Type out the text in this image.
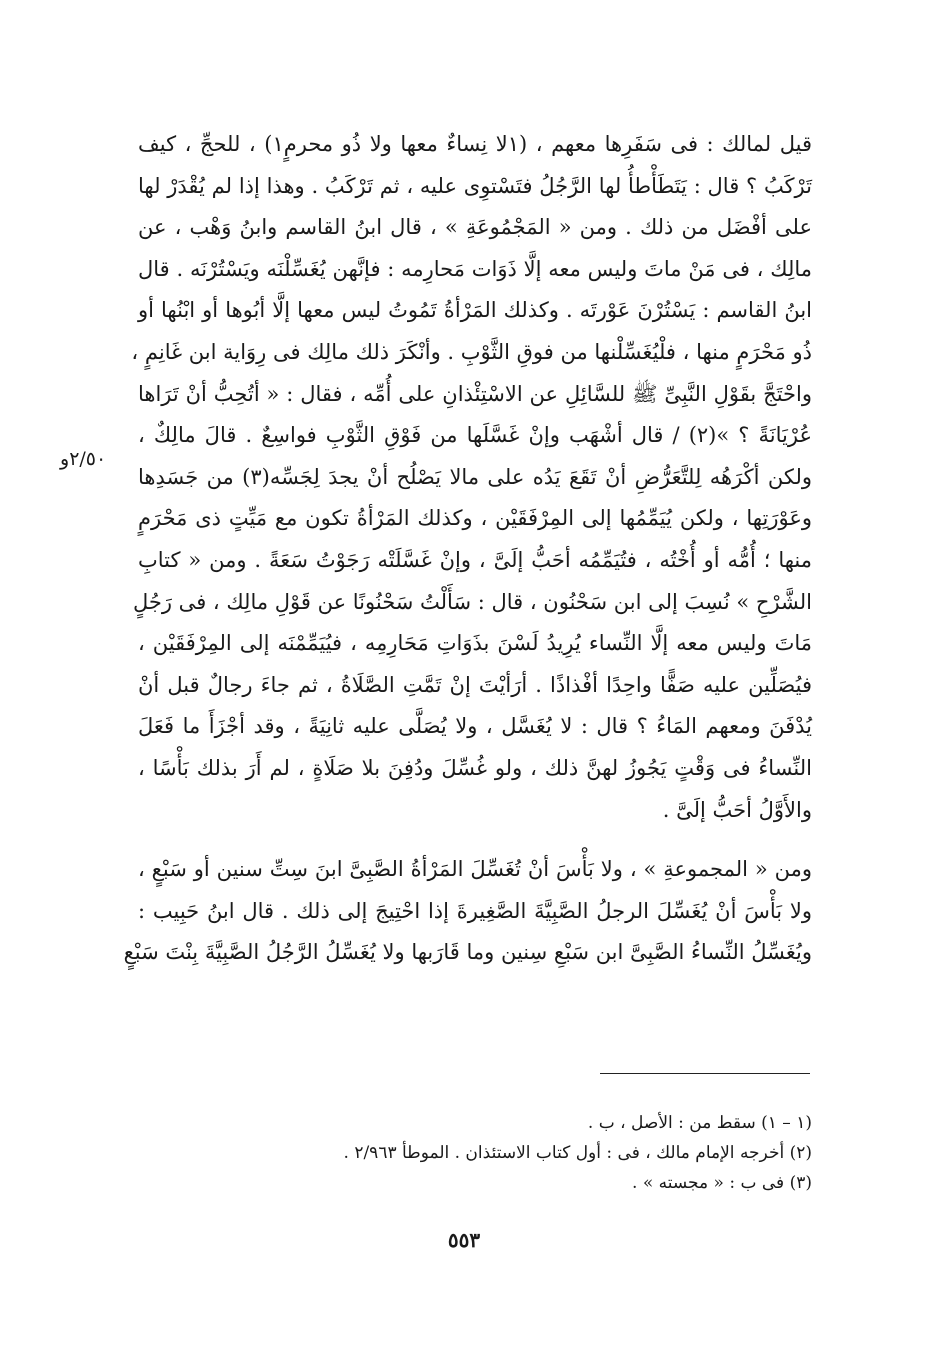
قيل لمالك : فى سَفَرِها معهم ، (١لا نِساءٌ معها ولا ذُو محرمٍ١) ، للحجِّ ، كيف
تَرْكَبُ ؟ قال : يَتَطَأْطأُ لها الرَّجُلُ فتَسْتوِى عليه ، ثم تَرْكَبُ . وهذا إذا لم يُقْدَرْ لها
على أفْضَل من ذلك . ومن « المَجْمُوعَةِ » ، قال ابنُ القاسم وابنُ وَهْب ، عن
مالِك ، فى مَنْ ماتَ وليس معه إلَّا ذَوَات مَحارِمه : فإنَّهن يُغَسِّلْنَه ويَسْتُرْنَه . قال
ابنُ القاسم : يَسْتُرْنَ عَوْرتَه . وكذلك المَرْأةُ تَمُوتُ ليس معها إلَّا أبُوها أو ابْنُها أو
ذُو مَحْرَمٍ منها ، فلْيُغَسِّلْنها من فوقِ الثَّوْبِ . وأنْكَرَ ذلك مالِك فى رِوَاية ابن غَانِمٍ ،
واحْتَجَّ بقَوْلِ النَّبِىِّ ﷺ للسَّائِلِ عن الاسْتِئْذانِ على أُمِّه ، فقال : « أتُحِبُّ أنْ تَرَاها
عُرْيَانَةً ؟ »(٢) / قال أشْهَب وإنْ غَسَّلَها من فَوْقِ الثَّوْبِ فواسِعٌ . قالَ مالِكٌ ،
ولكن أكْرَهُه لِلتَّعَرُّضِ أنْ تَقَعَ يَدُه على مالا يَصْلُح أنْ يجدَ لِجَسِّه(٣) من جَسَدِها
وعَوْرَتِها ، ولكن يُيَمِّمُها إلى المِرْفَقَيْن ، وكذلك المَرْأةُ تكون مع مَيِّتٍ ذى مَحْرَمٍ
منها ؛ أُمُّه أو أُخْتُه ، فتُيَمِّمُه أحَبُّ إلَىَّ ، وإنْ غَسَّلَتْه رَجَوْتُ سَعَةً . ومن « كتابِ
الشَّرْحِ » نُسِبَ إلى ابن سَحْنُون ، قال : سَأَلْتُ سَحْنُونًا عن قَوْلِ مالِك ، فى رَجُلٍ
مَاتَ وليس معه إلَّا النِّساء يُرِيدُ لَسْنَ بذَوَاتِ مَحَارِمِه ، فيُيَمِّمْنَه إلى المِرْفَقَيْن ،
فيُصَلِّين عليه صَفًّا واحِدًا أفْذاذًا . أرَأيْتَ إنْ تَمَّتِ الصَّلَاةُ ، ثم جاءَ رجالٌ قبل أنْ
يُدْفَنَ ومعهم المَاءُ ؟ قال : لا يُغَسَّل ، ولا يُصَلَّى عليه ثانِيَةً ، وقد أجْزَأَ ما فَعَلَ
النِّساءُ فى وَقْتٍ يَجُوزُ لهنَّ ذلك ، ولو غُسِّلَ ودُفِنَ بلا صَلَاةٍ ، لم أَرَ بذلك بَأْسًا ،
والأَوَّلُ أحَبُّ إلَىَّ .
ومن « المجموعةِ » ، ولا بَأْسَ أنْ تُغَسِّلَ المَرْأةُ الصَّبِىَّ ابنَ سِتِّ سنين أو سَبْعٍ ،
ولا بَأْسَ أنْ يُغَسِّلَ الرجلُ الصَّبِيَّةَ الصَّغِيرةَ إذا احْتِيجَ إلى ذلك . قال ابنُ حَبِيب :
ويُغَسِّلُ النِّساءُ الصَّبِىَّ ابن سَبْعِ سِنين وما قَارَبها ولا يُغَسِّلُ الرَّجُلُ الصَّبِيَّةَ بِنْتَ سَبْعٍ
٢/٥٠و
(١ – ١) سقط من : الأصل ، ب .
(٢) أخرجه الإمام مالك ، فى : أول كتاب الاستئذان . الموطأ ٢/٩٦٣ .
(٣) فى ب : « مجسته » .
٥٥٣
